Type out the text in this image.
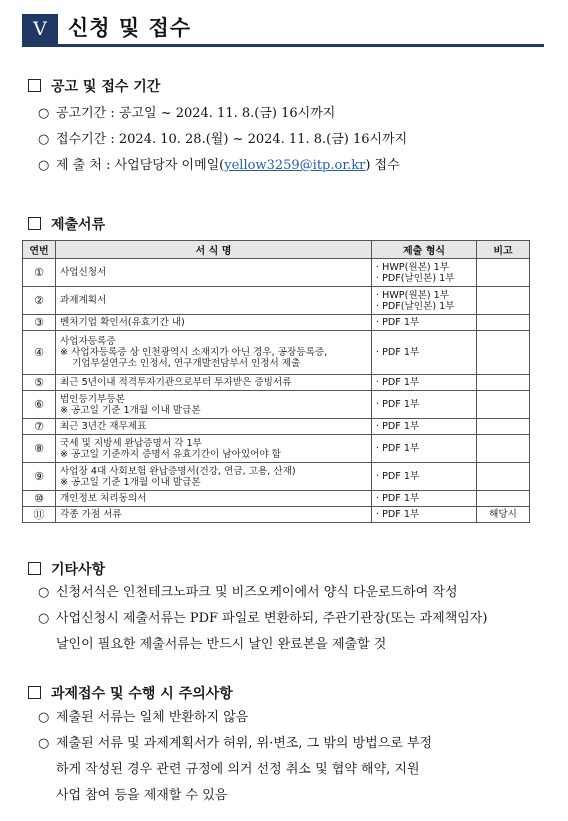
V	신청 및 접수
공고 및 접수 기간
○ 공고기간 : 공고일 ~ 2024. 11. 8.(금) 16시까지
○ 접수기간 : 2024. 10. 28.(월) ~ 2024. 11. 8.(금) 16시까지
○ 제 출 처 : 사업담당자 이메일(yellow3259@itp.or.kr) 접수
제출서류
연번	서 식 명	제출 형식	비고
①	사업신청서	· HWP(원본) 1부
· PDF(날인본) 1부	

②	과제계획서	· HWP(원본) 1부
· PDF(날인본) 1부	

③	벤처기업 확인서(유효기간 내)	· PDF 1부	
④	사업자등록증
※ 사업자등록증 상 인천광역시 소재지가 아닌 경우, 공장등록증,
기업부설연구소 인정서, 연구개발전담부서 인정서 제출	· PDF 1부	
⑤	최근 5년이내 적격투자기관으로부터 투자받은 증빙서류	· PDF 1부	
⑥	법인등기부등본
※ 공고일 기준 1개월 이내 발급본	· PDF 1부	
⑦	최근 3년간 재무제표	· PDF 1부	
⑧	국세 및 지방세 완납증명서 각 1부
※ 공고일 기준까지 증명서 유효기간이 남아있어야 함	· PDF 1부	
⑨	사업장 4대 사회보험 완납증명서(건강, 연금, 고용, 산재)
※ 공고일 기준 1개월 이내 발급본	· PDF 1부	
⑩	개인정보 처리동의서	· PDF 1부	
⑪	각종 가점 서류	· PDF 1부	해당시
기타사항
○ 신청서식은 인천테크노파크 및 비즈오케이에서 양식 다운로드하여 작성
○ 사업신청시 제출서류는 PDF 파일로 변환하되, 주관기관장(또는 과제책임자)
날인이 필요한 제출서류는 반드시 날인 완료본을 제출할 것
과제접수 및 수행 시 주의사항
○ 제출된 서류는 일체 반환하지 않음
○ 제출된 서류 및 과제계획서가 허위, 위·변조, 그 밖의 방법으로 부정
하게 작성된 경우 관련 규정에 의거 선정 취소 및 협약 해약, 지원
사업 참여 등을 제재할 수 있음
